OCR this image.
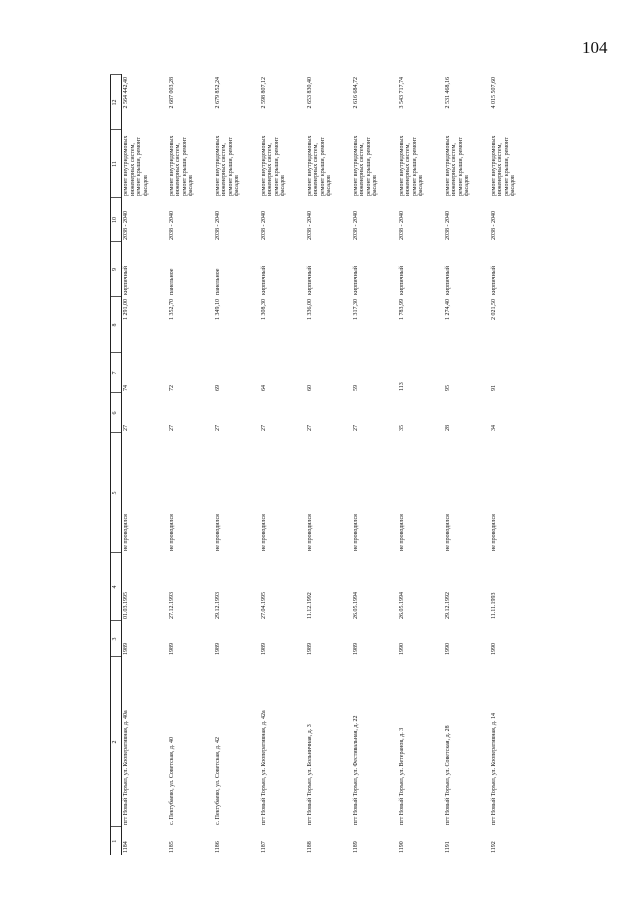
104
1	2	3	4	5	6	7	8	9	10	11	12
1184	пгт Новый Торъял, ул. Кооперативная, д. 40а	1989	01.03.1995	не проводился	27	74	1 291,00	кирпичный	2038 - 2040	ремонт внутридомовых инженерных систем, ремонт крыши, ремонт фасадов	2 564 442,40
1185	с. Пектубаево, ул. Советская, д. 40	1989	27.12.1993	не проводился	27	72	1 352,70	панельное	2038 - 2040	ремонт внутридомовых инженерных систем, ремонт крыши, ремонт фасадов	2 687 003,28
1186	с. Пектубаево, ул. Советская, д. 42	1989	29.12.1993	не проводился	27	69	1 349,10	панельное	2038 - 2040	ремонт внутридомовых инженерных систем, ремонт крыши, ремонт фасадов	2 679 852,24
1187	пгт Новый Торъял, ул. Кооперативная, д. 42а	1989	27.04.1995	не проводился	27	64	1 308,30	кирпичный	2038 - 2040	ремонт внутридомовых инженерных систем, ремонт крыши, ремонт фасадов	2 598 807,12
1188	пгт Новый Торъял, ул. Больничная, д. 3	1989	11.12.1992	не проводился	27	60	1 336,00	кирпичный	2038 - 2040	ремонт внутридомовых инженерных систем, ремонт крыши, ремонт фасадов	2 653 830,40
1189	пгт Новый Торъял, ул. Фестивальная, д. 22	1989	26.05.1994	не проводился	27	59	1 317,30	кирпичный	2038 - 2040	ремонт внутридомовых инженерных систем, ремонт крыши, ремонт фасадов	2 616 684,72
1190	пгт Новый Торъял, ул. Ветеранов, д. 3	1990	26.05.1994	не проводился	35	113	1 783,99	кирпичный	2038 - 2040	ремонт внутридомовых инженерных систем, ремонт крыши, ремонт фасадов	3 543 717,74
1191	пгт Новый Торъял, ул. Советская, д. 28	1990	29.12.1992	не проводился	28	95	1 274,40	кирпичный	2038 - 2040	ремонт внутридомовых инженерных систем, ремонт крыши, ремонт фасадов	2 531 468,16
1192	пгт Новый Торъял, ул. Кооперативная, д. 14	1990	11.11.1993	не проводился	34	91	2 021,50	кирпичный	2038 - 2040	ремонт внутридомовых инженерных систем, ремонт крыши, ремонт фасадов	4 015 507,60
